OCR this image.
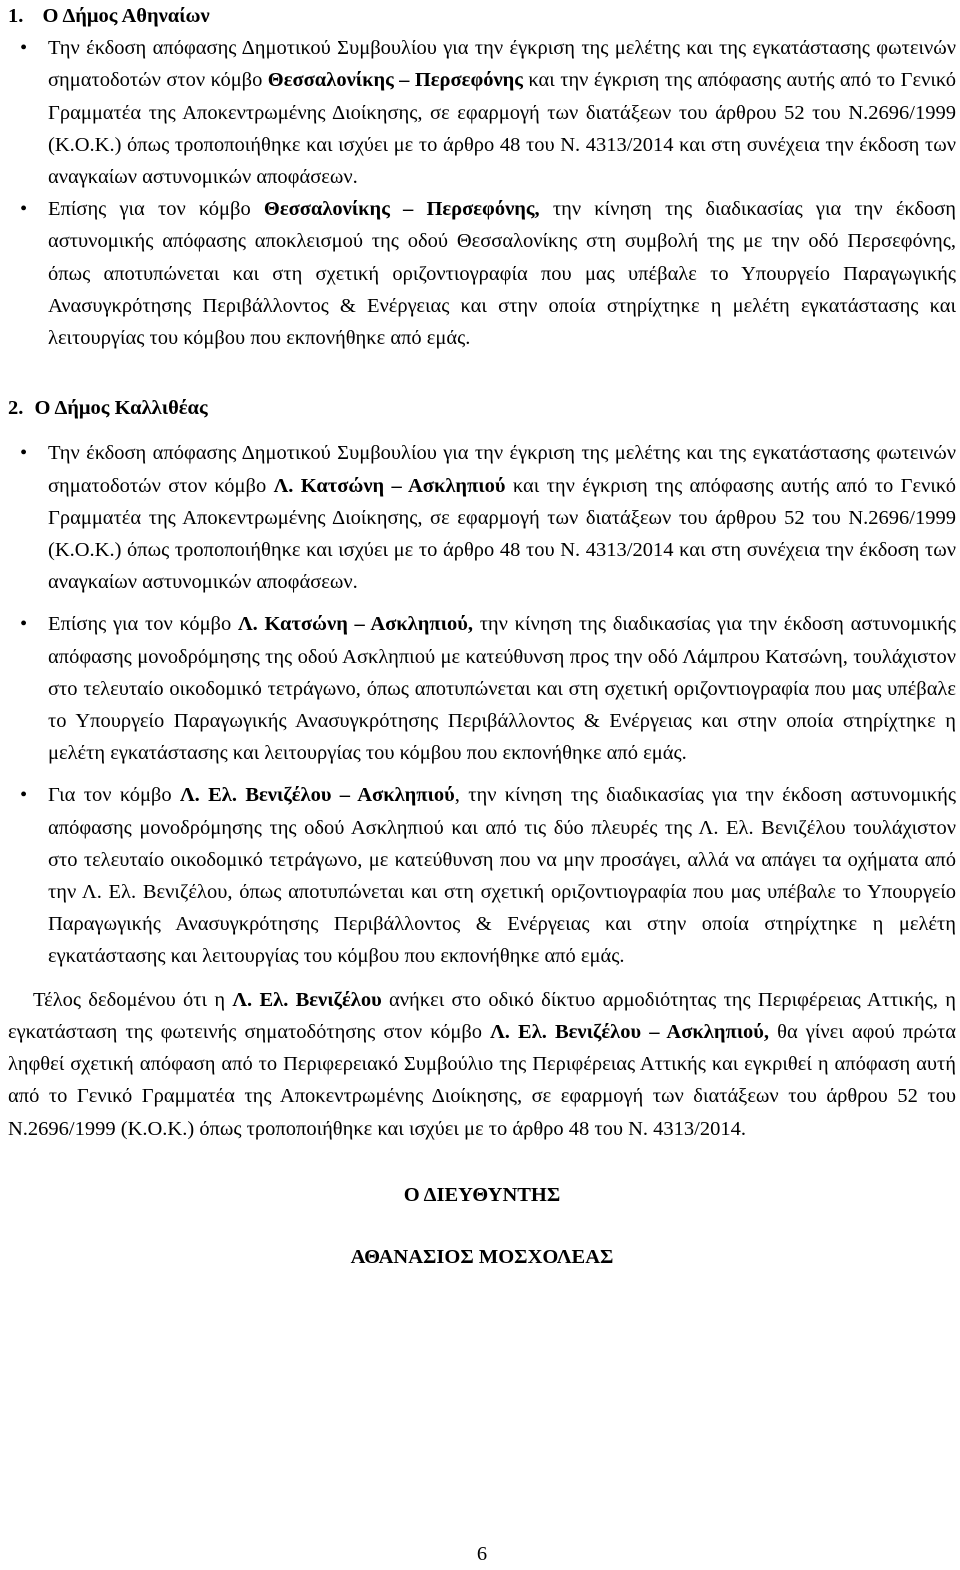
1. Ο Δήμος Αθηναίων
• Την έκδοση απόφασης Δημοτικού Συμβουλίου για την έγκριση της μελέτης και της εγκατάστασης φωτεινών σηματοδοτών στον κόμβο Θεσσαλονίκης – Περσεφόνης και την έγκριση της απόφασης αυτής από το Γενικό Γραμματέα της Αποκεντρωμένης Διοίκησης, σε εφαρμογή των διατάξεων του άρθρου 52 του Ν.2696/1999 (Κ.Ο.Κ.) όπως τροποποιήθηκε και ισχύει με το άρθρο 48 του Ν. 4313/2014 και στη συνέχεια την έκδοση των αναγκαίων αστυνομικών αποφάσεων.
• Επίσης για τον κόμβο Θεσσαλονίκης – Περσεφόνης, την κίνηση της διαδικασίας για την έκδοση αστυνομικής απόφασης αποκλεισμού της οδού Θεσσαλονίκης στη συμβολή της με την οδό Περσεφόνης, όπως αποτυπώνεται και στη σχετική οριζοντιογραφία που μας υπέβαλε το Υπουργείο Παραγωγικής Ανασυγκρότησης Περιβάλλοντος & Ενέργειας και στην οποία στηρίχτηκε η μελέτη εγκατάστασης και λειτουργίας του κόμβου που εκπονήθηκε από εμάς.
2. Ο Δήμος Καλλιθέας
• Την έκδοση απόφασης Δημοτικού Συμβουλίου για την έγκριση της μελέτης και της εγκατάστασης φωτεινών σηματοδοτών στον κόμβο Λ. Κατσώνη – Ασκληπιού και την έγκριση της απόφασης αυτής από το Γενικό Γραμματέα της Αποκεντρωμένης Διοίκησης, σε εφαρμογή των διατάξεων του άρθρου 52 του Ν.2696/1999 (Κ.Ο.Κ.) όπως τροποποιήθηκε και ισχύει με το άρθρο 48 του Ν. 4313/2014 και στη συνέχεια την έκδοση των αναγκαίων αστυνομικών αποφάσεων.
• Επίσης για τον κόμβο Λ. Κατσώνη – Ασκληπιού, την κίνηση της διαδικασίας για την έκδοση αστυνομικής απόφασης μονοδρόμησης της οδού Ασκληπιού με κατεύθυνση προς την οδό Λάμπρου Κατσώνη, τουλάχιστον στο τελευταίο οικοδομικό τετράγωνο, όπως αποτυπώνεται και στη σχετική οριζοντιογραφία που μας υπέβαλε το Υπουργείο Παραγωγικής Ανασυγκρότησης Περιβάλλοντος & Ενέργειας και στην οποία στηρίχτηκε η μελέτη εγκατάστασης και λειτουργίας του κόμβου που εκπονήθηκε από εμάς.
• Για τον κόμβο Λ. Ελ. Βενιζέλου – Ασκληπιού, την κίνηση της διαδικασίας για την έκδοση αστυνομικής απόφασης μονοδρόμησης της οδού Ασκληπιού και από τις δύο πλευρές της Λ. Ελ. Βενιζέλου τουλάχιστον στο τελευταίο οικοδομικό τετράγωνο, με κατεύθυνση που να μην προσάγει, αλλά να απάγει τα οχήματα από την Λ. Ελ. Βενιζέλου, όπως αποτυπώνεται και στη σχετική οριζοντιογραφία που μας υπέβαλε το Υπουργείο Παραγωγικής Ανασυγκρότησης Περιβάλλοντος & Ενέργειας και στην οποία στηρίχτηκε η μελέτη εγκατάστασης και λειτουργίας του κόμβου που εκπονήθηκε από εμάς.

Τέλος δεδομένου ότι η Λ. Ελ. Βενιζέλου ανήκει στο οδικό δίκτυο αρμοδιότητας της Περιφέρειας Αττικής, η εγκατάσταση της φωτεινής σηματοδότησης στον κόμβο Λ. Ελ. Βενιζέλου – Ασκληπιού, θα γίνει αφού πρώτα ληφθεί σχετική απόφαση από το Περιφερειακό Συμβούλιο της Περιφέρειας Αττικής και εγκριθεί η απόφαση αυτή από το Γενικό Γραμματέα της Αποκεντρωμένης Διοίκησης, σε εφαρμογή των διατάξεων του άρθρου 52 του Ν.2696/1999 (Κ.Ο.Κ.) όπως τροποποιήθηκε και ισχύει με το άρθρο 48 του Ν. 4313/2014.

Ο ΔΙΕΥΘΥΝΤΗΣ

ΑΘΑΝΑΣΙΟΣ ΜΟΣΧΟΛΕΑΣ

6
